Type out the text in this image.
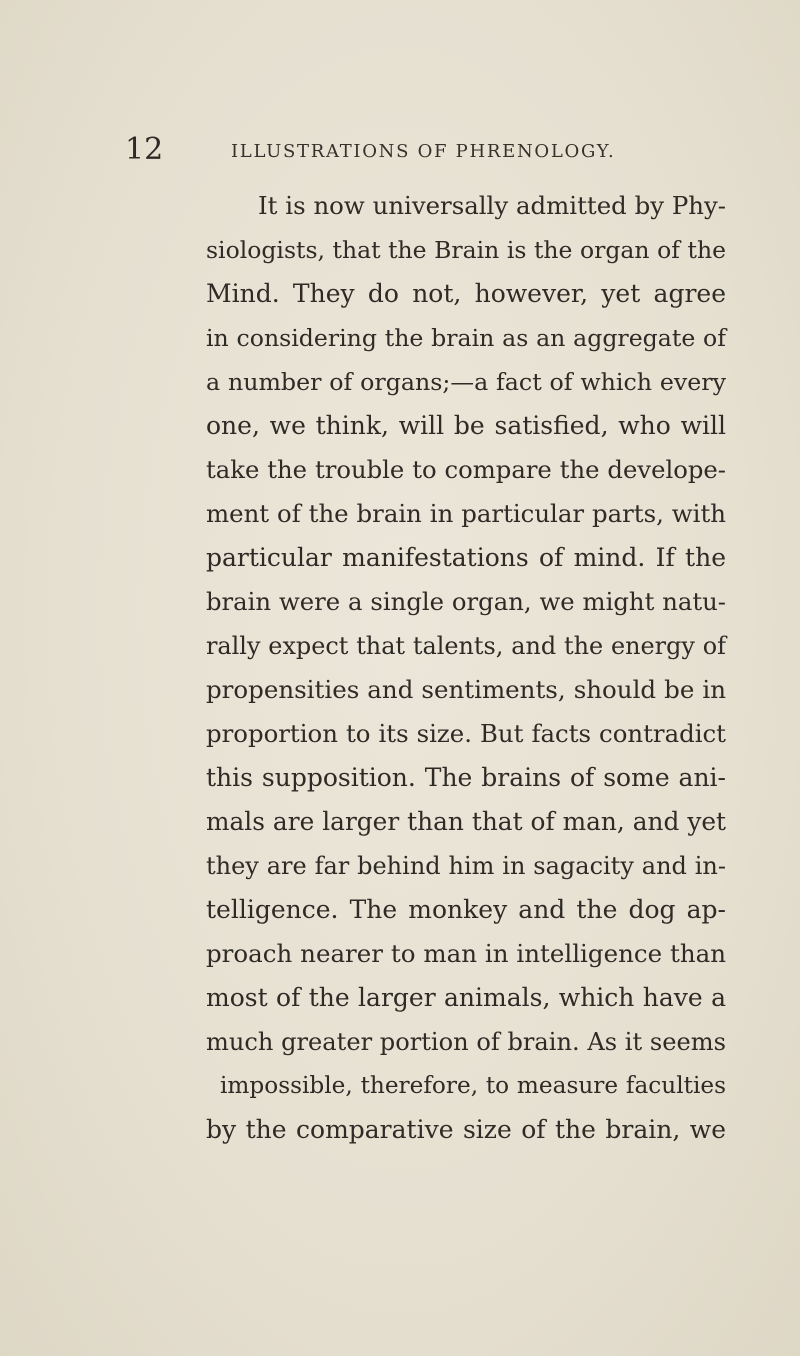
12	ILLUSTRATIONS OF PHRENOLOGY.
It is now universally admitted by Phy-
siologists, that the Brain is the organ of the
Mind. They do not, however, yet agree
in considering the brain as an aggregate of
a number of organs;—a fact of which every
one, we think, will be satisfied, who will
take the trouble to compare the develope-
ment of the brain in particular parts, with
particular manifestations of mind. If the
brain were a single organ, we might natu-
rally expect that talents, and the energy of
propensities and sentiments, should be in
proportion to its size. But facts contradict
this supposition. The brains of some ani-
mals are larger than that of man, and yet
they are far behind him in sagacity and in-
telligence. The monkey and the dog ap-
proach nearer to man in intelligence than
most of the larger animals, which have a
much greater portion of brain. As it seems
impossible, therefore, to measure faculties
by the comparative size of the brain, we
